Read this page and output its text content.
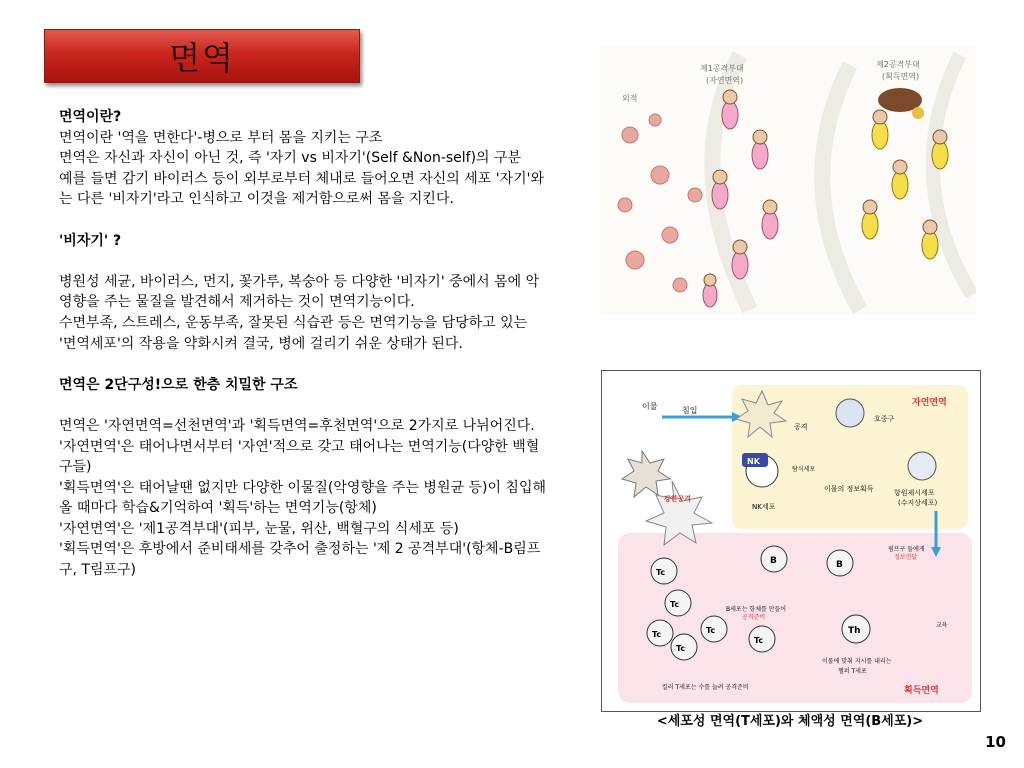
면역

면역이란?

면역이란 '역을 면한다'-병으로 부터 몸을 지키는 구조

면역은 자신과 자신이 아닌 것, 즉 '자기 vs 비자기'(Self &Non-self)의 구분

예를 들면 감기 바이러스 등이 외부로부터 체내로 들어오면 자신의 세포 '자기'와는 다른 '비자기'라고 인식하고 이것을 제거함으로써 몸을 지킨다.

'비자기' ?

병원성 세균, 바이러스, 먼지, 꽃가루, 복숭아 등 다양한 '비자기' 중에서 몸에 악영향을 주는 물질을 발견해서 제거하는 것이 면역기능이다.

수면부족, 스트레스, 운동부족, 잘못된 식습관 등은 면역기능을 담당하고 있는 '면역세포'의 작용을 약화시켜 결국, 병에 걸리기 쉬운 상태가 된다.

면역은 2단구성!으로 한층 치밀한 구조

면역은 '자연면역=선천면역'과 '획득면역=후천면역'으로 2가지로 나뉘어진다.

'자연면역'은 태어나면서부터 '자연'적으로 갖고 태어나는 면역기능(다양한 백혈구들)

'획득면역'은 태어날땐 없지만 다양한 이물질(악영향을 주는 병원균 등)이 침입해 올 때마다 학습&기억하여 '획득'하는 면역기능(항체)

'자연면역'은 '제1공격부대'(피부, 눈물, 위산, 백혈구의 식세포 등)

'획득면역'은 후방에서 준비태세를 갖추어 출정하는 '제 2 공격부대'(항체-B림프구, T림프구)

외적
제1공격부대
(자연면역)
제2공격부대
(획득면역)
이물	침입
자연면역
호중구
공격
NK
NK세포
탐식세포
이물의 정보획득	항원제시세포
(수지상세포)
강한공격
림프구 들에게
정보전달
B	B
B세포는 항체를 만들어
공격준비
Th
교육
이물에 맞춰 지시를 내리는
헬퍼 T세포
Tc
Tc
Tc	Tc
Tc
Tc
킬러 T세포는 수를 늘려 공격준비	획득면역
<세포성 면역(T세포)와 체액성 면역(B세포)>
10
